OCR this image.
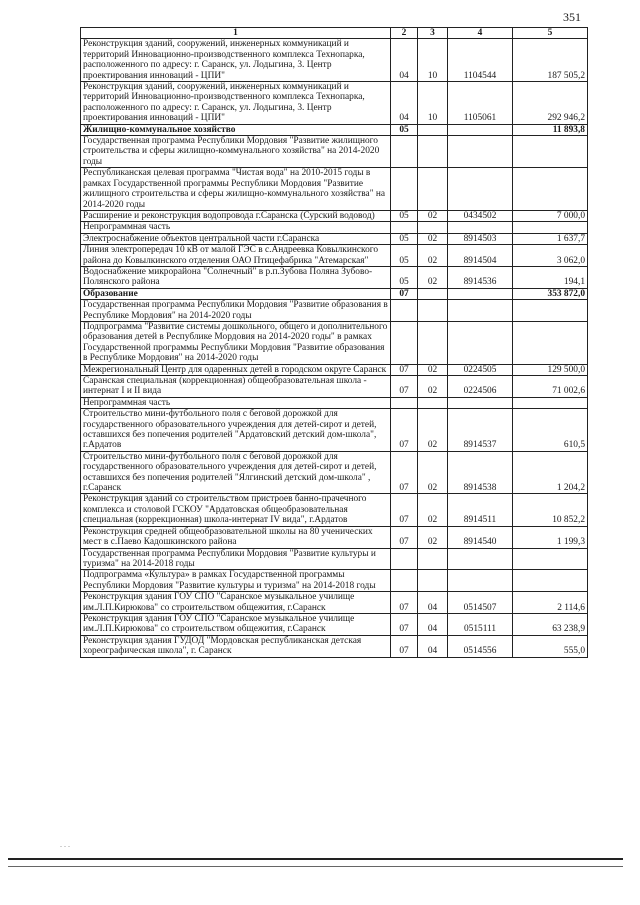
351
1	2	3	4	5
Реконструкция зданий, сооружений, инженерных коммуникаций и территорий Инновационно-производственного комплекса Технопарка, расположенного по адресу: г. Саранск, ул. Лодыгина, 3. Центр проектирования инноваций - ЦПИ"	04	10	1104544	187 505,2
Реконструкция зданий, сооружений, инженерных коммуникаций и территорий Инновационно-производственного комплекса Технопарка, расположенного по адресу: г. Саранск, ул. Лодыгина, 3. Центр проектирования инноваций - ЦПИ"	04	10	1105061	292 946,2
Жилищно-коммунальное хозяйство	05			11 893,8
Государственная программа Республики Мордовия "Развитие жилищного строительства и сферы жилищно-коммунального хозяйства" на 2014-2020 годы				
Республиканская целевая программа "Чистая вода" на 2010-2015 годы в рамках Государственной программы Республики Мордовия "Развитие жилищного строительства и сферы жилищно-коммунального хозяйства" на 2014-2020 годы				
Расширение и реконструкция водопровода г.Саранска (Сурский водовод)	05	02	0434502	7 000,0
Непрограммная часть				
Электроснабжение объектов центральной части г.Саранска	05	02	8914503	1 637,7
Линия электропередач 10 кВ от малой ГЭС в с.Андреевка Ковылкинского района до Ковылкинского отделения ОАО Птицефабрика "Атемарская"	05	02	8914504	3 062,0
Водоснабжение микрорайона "Солнечный" в р.п.Зубова Поляна Зубово-Полянского района	05	02	8914536	194,1
Образование	07			353 872,0
Государственная программа Республики Мордовия "Развитие образования в Республике Мордовия" на 2014-2020 годы				
Подпрограмма "Развитие системы дошкольного, общего и дополнительного образования детей в Республике Мордовия на 2014-2020 годы" в рамках Государственной программы Республики Мордовия "Развитие образования в Республике Мордовия" на 2014-2020 годы				
Межрегиональный Центр для одаренных детей в городском округе Саранск	07	02	0224505	129 500,0
Саранская специальная (коррекционная) общеобразовательная школа - интернат I и II вида	07	02	0224506	71 002,6
Непрограммная часть				
Строительство мини-футбольного поля с беговой дорожкой для государственного образовательного учреждения для детей-сирот и детей, оставшихся без попечения родителей "Ардатовский детский дом-школа", г.Ардатов	07	02	8914537	610,5
Строительство мини-футбольного поля с беговой дорожкой для государственного образовательного учреждения для детей-сирот и детей, оставшихся без попечения родителей "Ялгинский детский дом-школа" , г.Саранск	07	02	8914538	1 204,2
Реконструкция зданий со строительством пристроев банно-прачечного комплекса и столовой ГСКОУ "Ардатовская общеобразовательная специальная (коррекционная) школа-интернат IV вида", г.Ардатов	07	02	8914511	10 852,2
Реконструкция средней общеобразовательной школы на 80 ученических мест в с.Паево Кадошкинского района	07	02	8914540	1 199,3
Государственная программа Республики Мордовия "Развитие культуры и туризма" на 2014-2018 годы				
Подпрограмма «Культура» в рамках Государственной программы Республики Мордовия "Развитие культуры и туризма" на 2014-2018 годы				
Реконструкция здания ГОУ СПО "Саранское музыкальное училище им.Л.П.Кирюкова" со строительством общежития, г.Саранск	07	04	0514507	2 114,6
Реконструкция здания ГОУ СПО "Саранское музыкальное училище им.Л.П.Кирюкова" со строительством общежития, г.Саранск	07	04	0515111	63 238,9
Реконструкция здания ГУДОД "Мордовская республиканская детская хореографическая школа", г. Саранск	07	04	0514556	555,0
. . .
